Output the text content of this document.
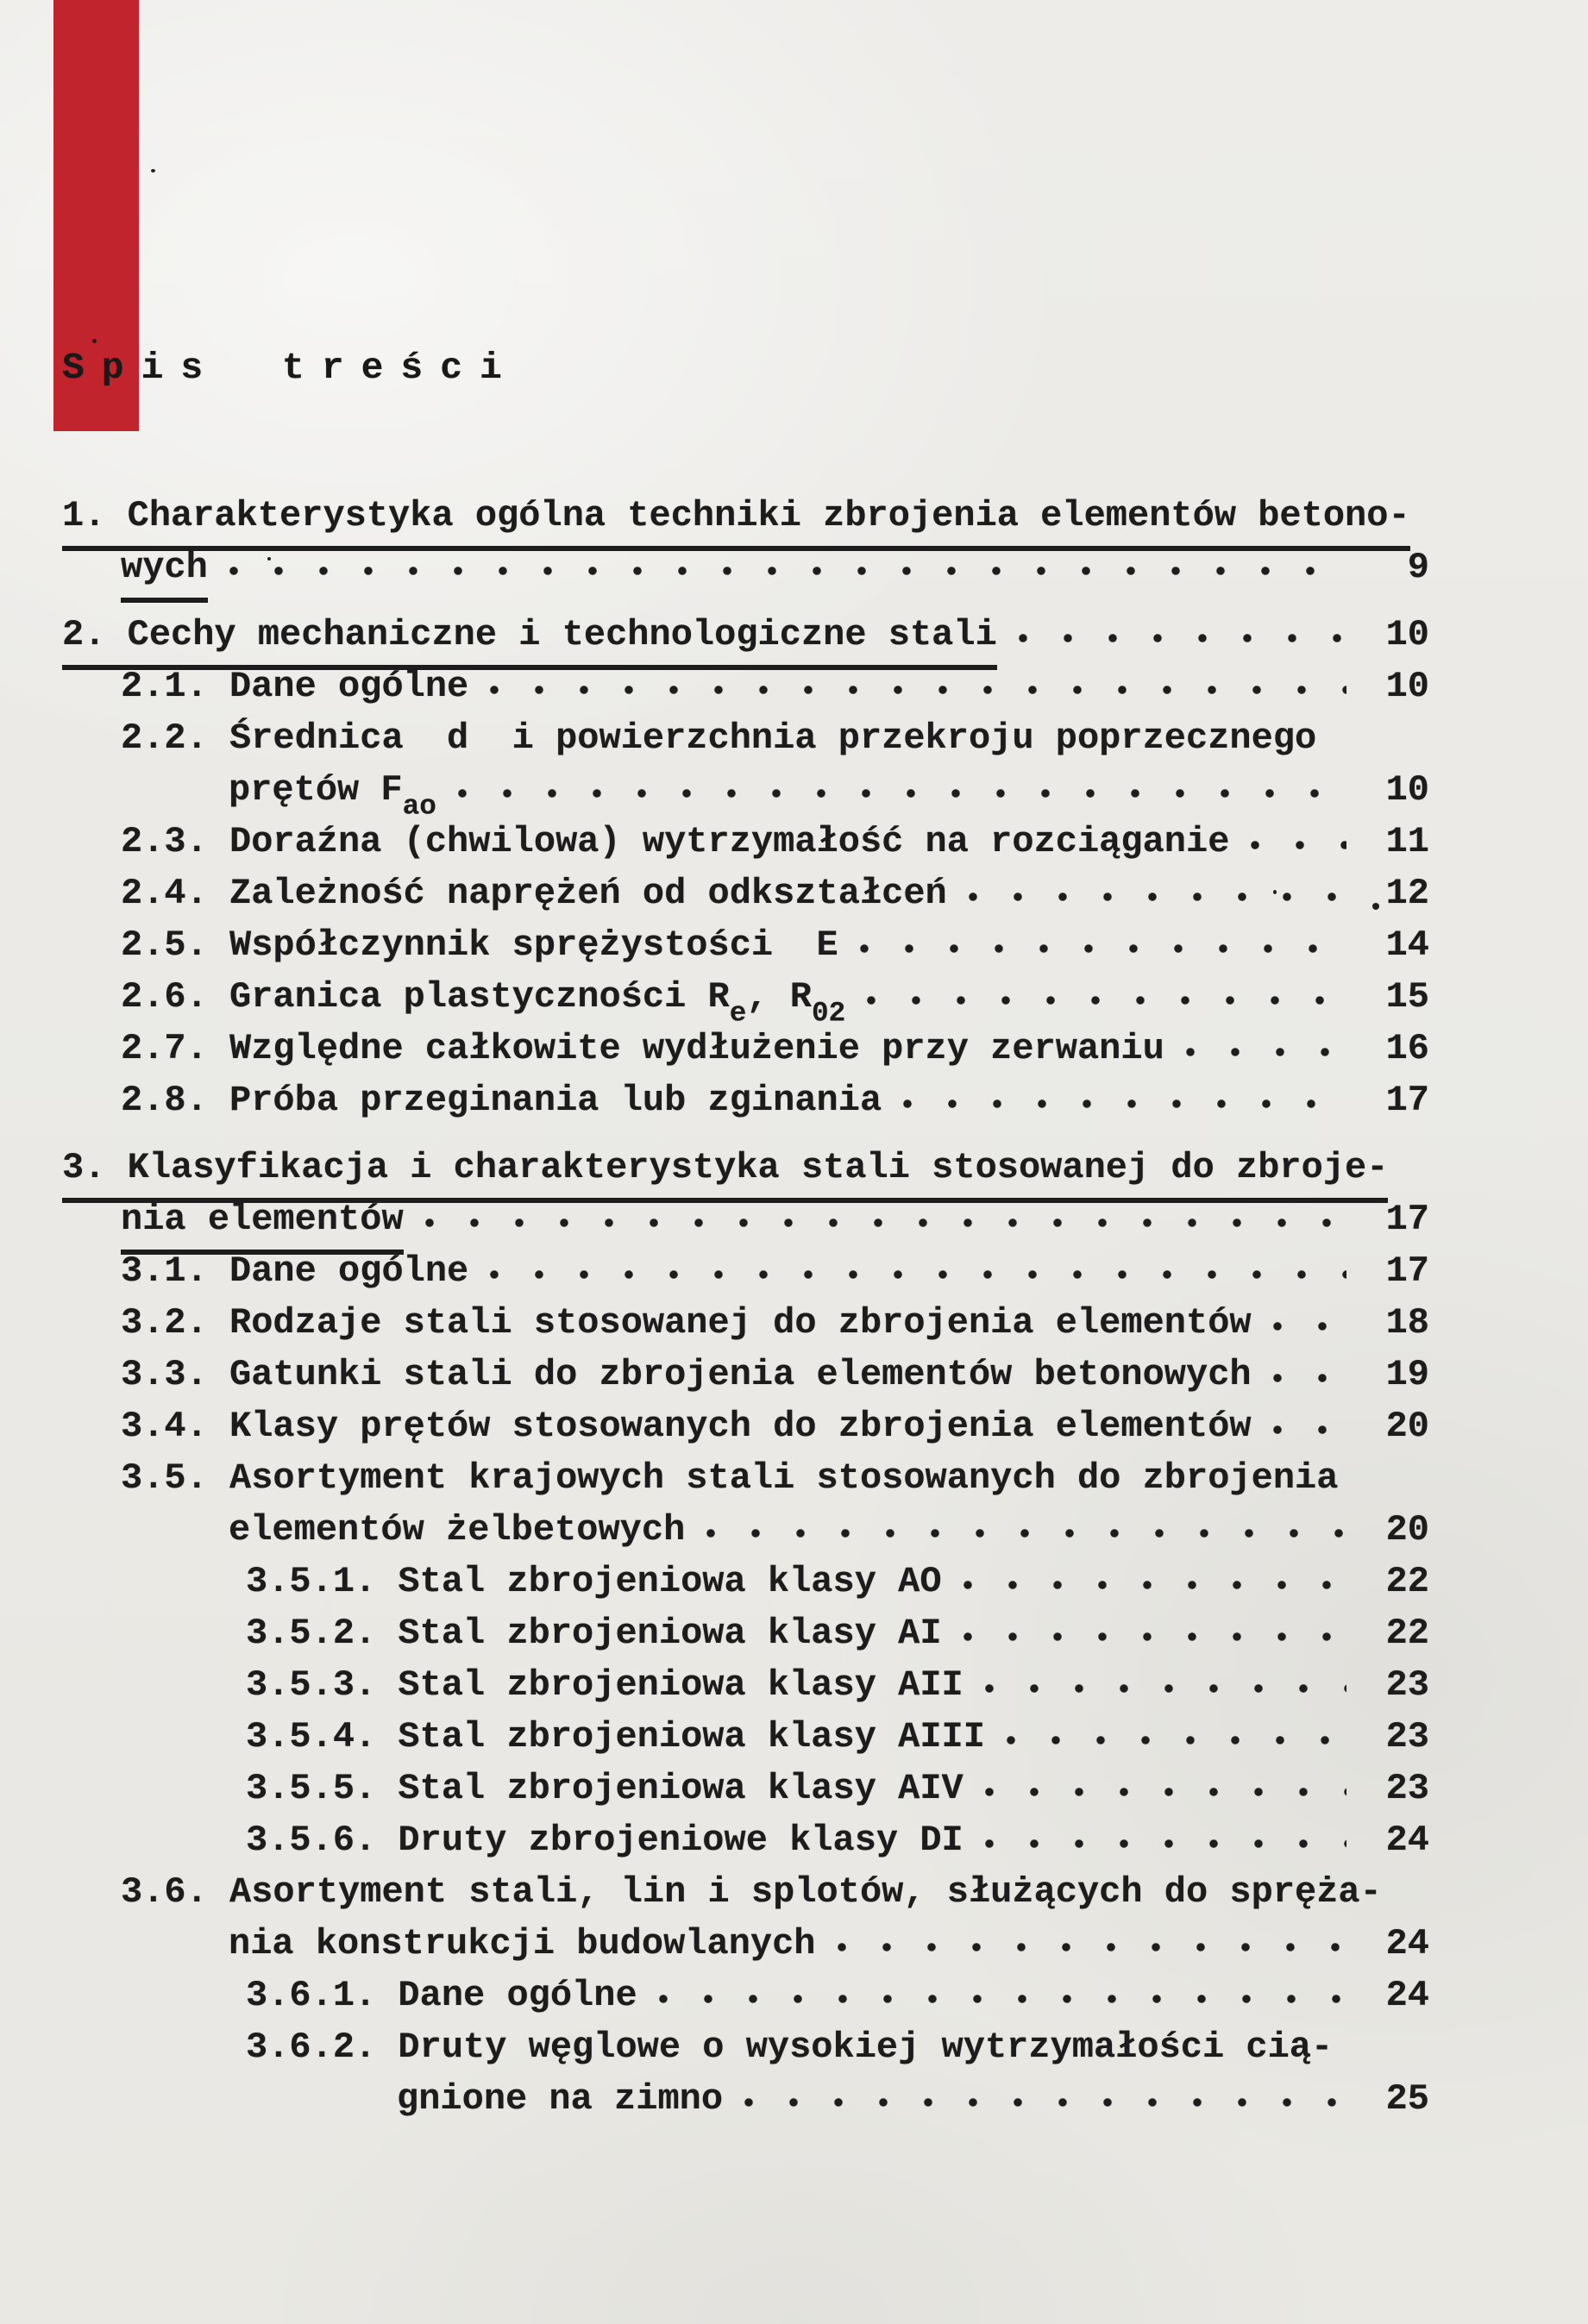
Spis treści
1. Charakterystyka ogólna techniki zbrojenia elementów betono-
wych	9
2. Cechy mechaniczne i technologiczne stali	10
2.1. Dane ogólne	10
2.2. Średnica  d  i powierzchnia przekroju poprzecznego
prętów $F_{ao}$	10
2.3. Doraźna (chwilowa) wytrzymałość na rozciąganie	11
2.4. Zależność naprężeń od odkształceń	12
2.5. Współczynnik sprężystości  E	14
2.6. Granica plastyczności $R_e$, $R_{02}$	15
2.7. Względne całkowite wydłużenie przy zerwaniu	16
2.8. Próba przeginania lub zginania	17
3. Klasyfikacja i charakterystyka stali stosowanej do zbroje-
nia elementów	17
3.1. Dane ogólne	17
3.2. Rodzaje stali stosowanej do zbrojenia elementów	18
3.3. Gatunki stali do zbrojenia elementów betonowych	19
3.4. Klasy prętów stosowanych do zbrojenia elementów	20
3.5. Asortyment krajowych stali stosowanych do zbrojenia
elementów żelbetowych	20
3.5.1. Stal zbrojeniowa klasy AO	22
3.5.2. Stal zbrojeniowa klasy AI	22
3.5.3. Stal zbrojeniowa klasy AII	23
3.5.4. Stal zbrojeniowa klasy AIII	23
3.5.5. Stal zbrojeniowa klasy AIV	23
3.5.6. Druty zbrojeniowe klasy DI	24
3.6. Asortyment stali, lin i splotów, służących do spręża-
nia konstrukcji budowlanych	24
3.6.1. Dane ogólne	24
3.6.2. Druty węglowe o wysokiej wytrzymałości cią-
gnione na zimno	25
